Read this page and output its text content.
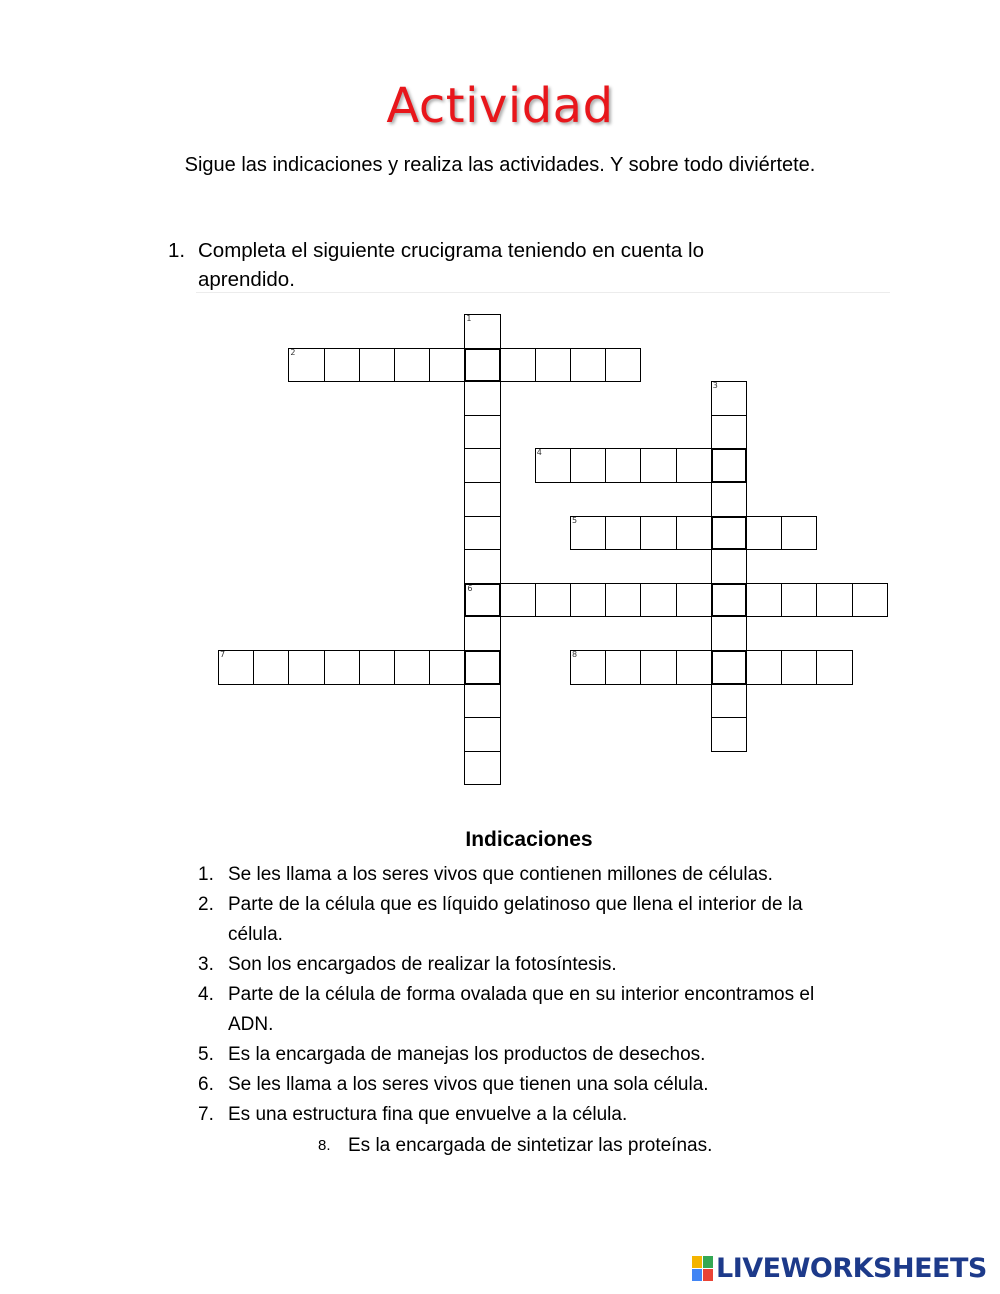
Actividad
Sigue las indicaciones y realiza las actividades. Y sobre todo diviértete.
1. Completa el siguiente crucigrama teniendo en cuenta lo aprendido.
1
6
2
3
4
5
7	8
Indicaciones
1. Se les llama a los seres vivos que contienen millones de células.
2. Parte de la célula que es líquido gelatinoso que llena el interior de la célula.
3. Son los encargados de realizar la fotosíntesis.
4. Parte de la célula de forma ovalada que en su interior encontramos el ADN.
5. Es la encargada de manejas los productos de desechos.
6. Se les llama a los seres vivos que tienen una sola célula.
7. Es una estructura fina que envuelve a la célula.
8. Es la encargada de sintetizar las proteínas.
LIVEWORKSHEETS
